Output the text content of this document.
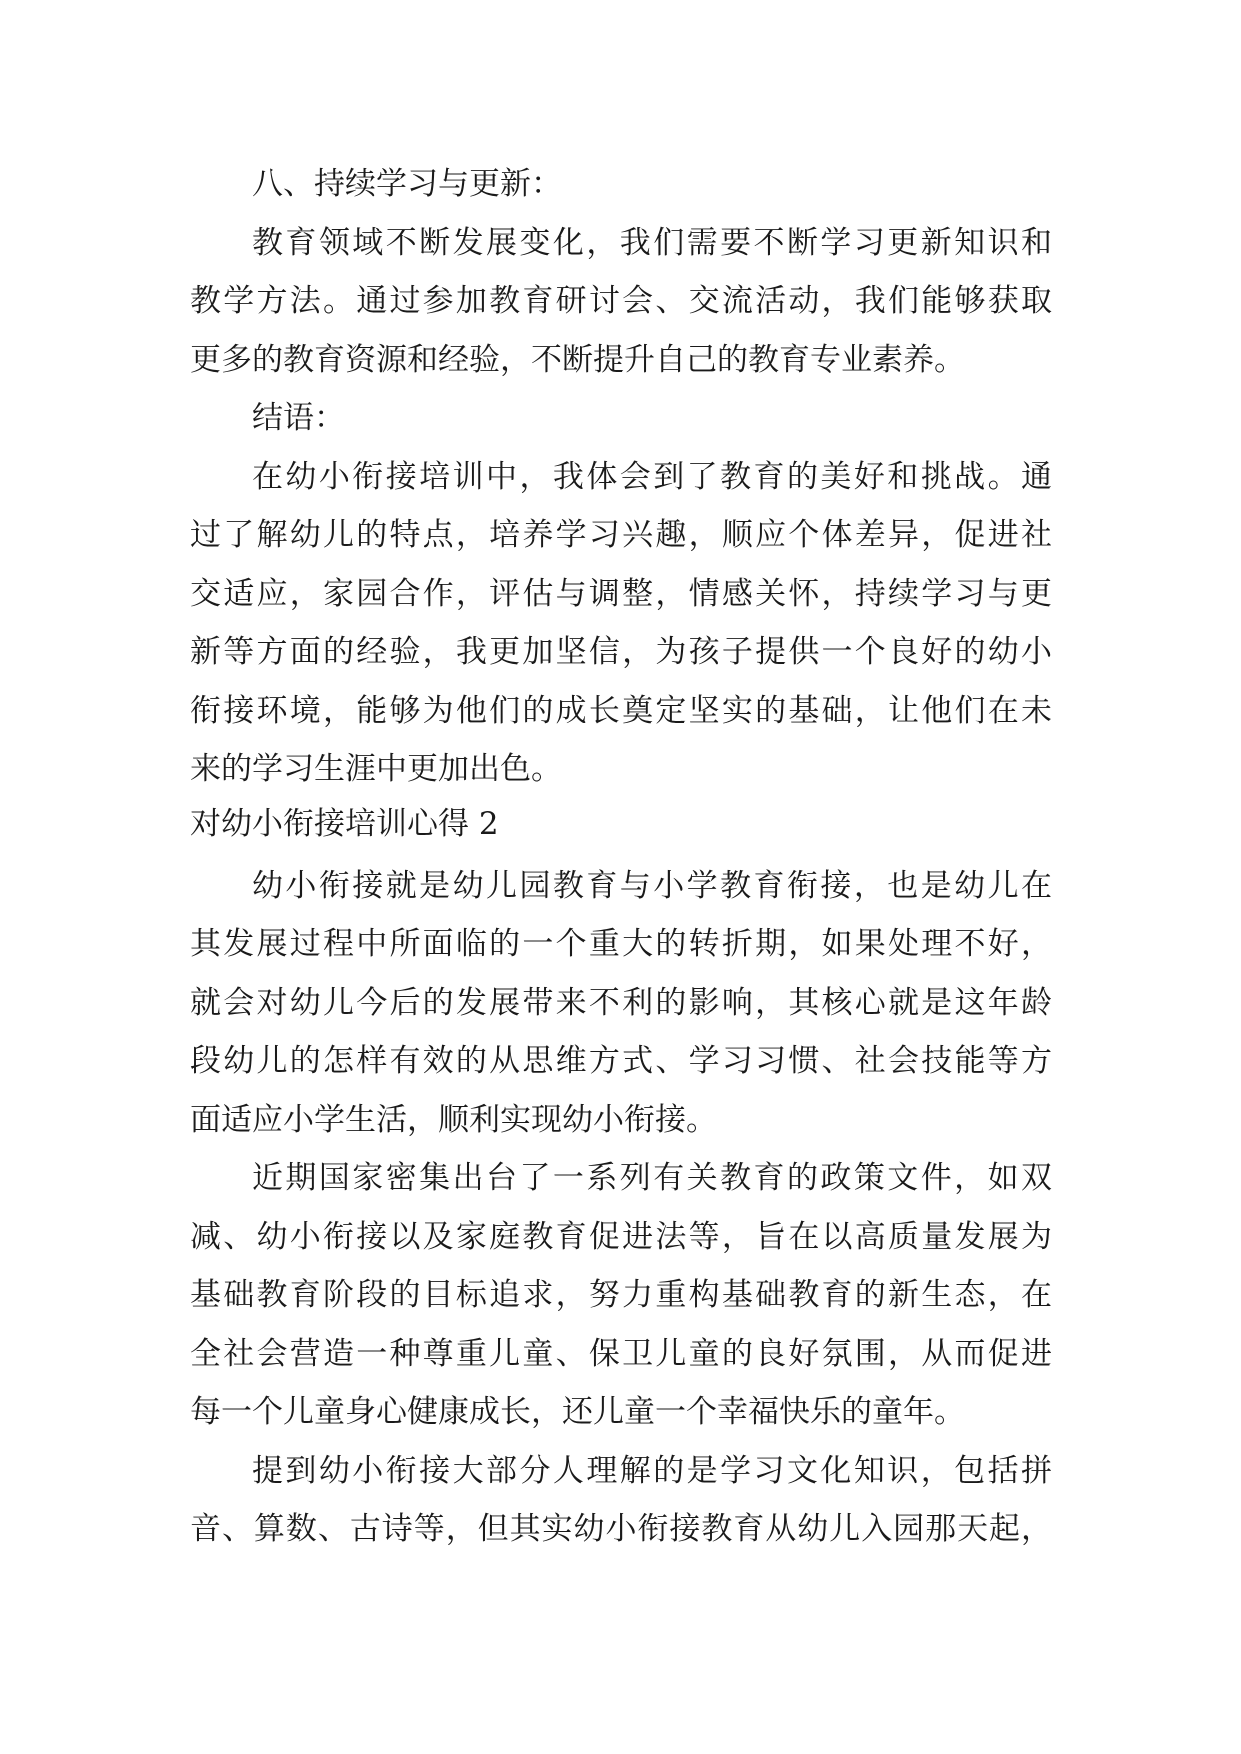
八、持续学习与更新：
教育领域不断发展变化，我们需要不断学习更新知识和
教学方法。通过参加教育研讨会、交流活动，我们能够获取
更多的教育资源和经验，不断提升自己的教育专业素养。
结语：
在幼小衔接培训中，我体会到了教育的美好和挑战。通
过了解幼儿的特点，培养学习兴趣，顺应个体差异，促进社
交适应，家园合作，评估与调整，情感关怀，持续学习与更
新等方面的经验，我更加坚信，为孩子提供一个良好的幼小
衔接环境，能够为他们的成长奠定坚实的基础，让他们在未
来的学习生涯中更加出色。
对幼小衔接培训心得 2
幼小衔接就是幼儿园教育与小学教育衔接，也是幼儿在
其发展过程中所面临的一个重大的转折期，如果处理不好，
就会对幼儿今后的发展带来不利的影响，其核心就是这年龄
段幼儿的怎样有效的从思维方式、学习习惯、社会技能等方
面适应小学生活，顺利实现幼小衔接。
近期国家密集出台了一系列有关教育的政策文件，如双
减、幼小衔接以及家庭教育促进法等，旨在以高质量发展为
基础教育阶段的目标追求，努力重构基础教育的新生态，在
全社会营造一种尊重儿童、保卫儿童的良好氛围，从而促进
每一个儿童身心健康成长，还儿童一个幸福快乐的童年。
提到幼小衔接大部分人理解的是学习文化知识，包括拼
音、算数、古诗等，但其实幼小衔接教育从幼儿入园那天起，
